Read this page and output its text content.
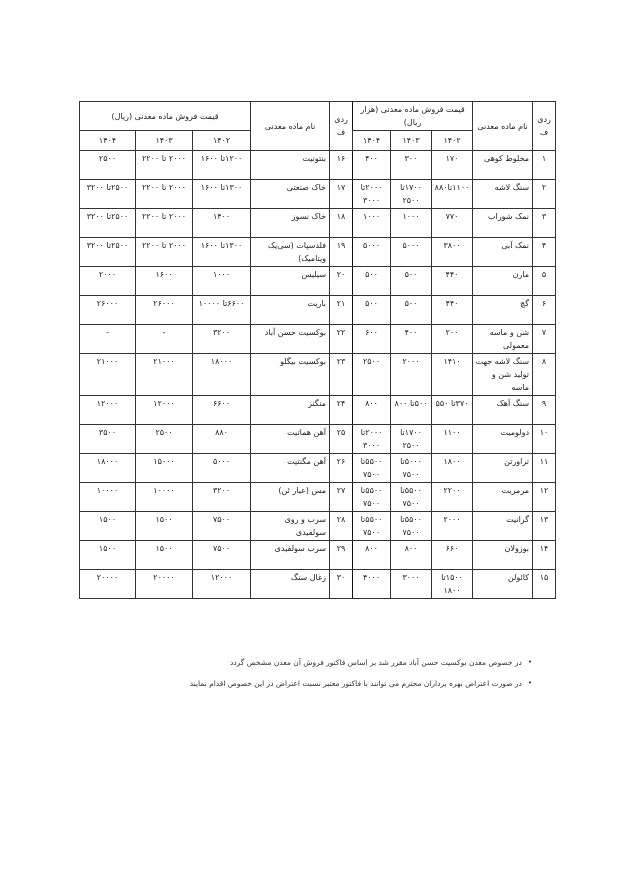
ردی ف	نام ماده معدنی	قیمت فروش ماده معدنی (هزار ریال)			ردی ف	نام ماده معدنی	قیمت فروش ماده معدنی (ریال)		
		۱۴۰۲	۱۴۰۳	۱۴۰۴			۱۴۰۲	۱۴۰۳	۱۴۰۴
۱	مخلوط کوهی	۱۷۰	۳۰۰	۴۰۰	۱۶	بنتونیت	۱۲۰۰تا ۱۶۰۰	۲۰۰۰ تا ۲۲۰۰	۲۵۰۰
۲	سنگ لاشه	۱۱۰۰تا۸۸۰	۱۷۰۰تا ۲۵۰۰	۲۰۰۰تا ۳۰۰۰	۱۷	خاک صنعتی	۱۳۰۰تا ۱۶۰۰	۲۰۰۰ تا ۲۲۰۰	۲۵۰۰تا ۳۲۰۰
۳	نمک شوراب	۷۷۰	۱۰۰۰	۱۰۰۰	۱۸	خاک نسوز	۱۴۰۰	۲۰۰۰ تا ۲۲۰۰	۲۵۰۰تا ۳۲۰۰
۴	نمک آبی	۳۸۰۰	۵۰۰۰	۵۰۰۰	۱۹	فلدسپات (سی‌یک ویتامیک)	۱۳۰۰تا ۱۶۰۰	۲۰۰۰ تا ۲۲۰۰	۲۵۰۰تا ۳۲۰۰
۵	مارن	۴۴۰	۵۰۰	۵۰۰	۲۰	سیلیس	۱۰۰۰	۱۶۰۰	۲۰۰۰
۶	گچ	۴۴۰	۵۰۰	۵۰۰	۲۱	باریت	۶۶۰۰تا ۱۰۰۰۰	۲۶۰۰۰	۲۶۰۰۰
۷	شن و ماسه معمولی	۲۰۰	۴۰۰	۶۰۰	۲۲	بوکسیت حسن آباد	۳۲۰۰	-	-
۸	سنگ لاشه جهت تولید شن و ماسه	۱۴۱۰	۲۰۰۰	۲۵۰۰	۲۳	بوکسیت بیگلو	۱۸۰۰۰	۲۱۰۰۰	۲۱۰۰۰
۹	سنگ آهک	۳۷۰تا ۵۵۰	۵۰۰تا ۸۰۰	۸۰۰	۲۴	منگنز	۶۶۰۰	۱۲۰۰۰	۱۲۰۰۰
۱۰	دولومیت	۱۱۰۰	۱۷۰۰تا ۲۵۰۰	۲۰۰۰تا ۳۰۰۰	۲۵	آهن هماتیت	۸۸۰	۲۵۰۰	۳۵۰۰
۱۱	تراورتن	۱۸۰۰	۵۰۰۰تا ۷۵۰۰	۵۵۰۰تا ۷۵۰۰	۲۶	آهن مگنتیت	۵۰۰۰	۱۵۰۰۰	۱۸۰۰۰
۱۲	مرمریت	۲۲۰۰	۵۵۰۰تا ۷۵۰۰	۵۵۰۰تا ۷۵۰۰	۲۷	مس (عیار ئن)	۳۲۰۰	۱۰۰۰۰	۱۰۰۰۰
۱۳	گرانیت	۲۰۰۰	۵۵۰۰تا ۷۵۰۰	۵۵۰۰تا ۷۵۰۰	۲۸	سرب و روی سولفیدی	۷۵۰۰	۱۵۰۰	۱۵۰۰
۱۴	بوزولان	۶۶۰	۸۰۰	۸۰۰	۲۹	سرب سولفیدی	۷۵۰۰	۱۵۰۰	۱۵۰۰
۱۵	کائولن	۱۵۰۰تا ۱۸۰۰	۳۰۰۰	۴۰۰۰	۳۰	زغال سنگ	۱۲۰۰۰	۲۰۰۰۰	۲۰۰۰۰
•
در خصوص معدن بوکسیت حسن آباد مقرر شد بر اساس فاکتور فروش آن معدن مشخص گردد
•
در صورت اعتراض بهره برداران محترم می توانند با فاکتور معتبر نسبت اعتراض در این خصوص اقدام نمایند
